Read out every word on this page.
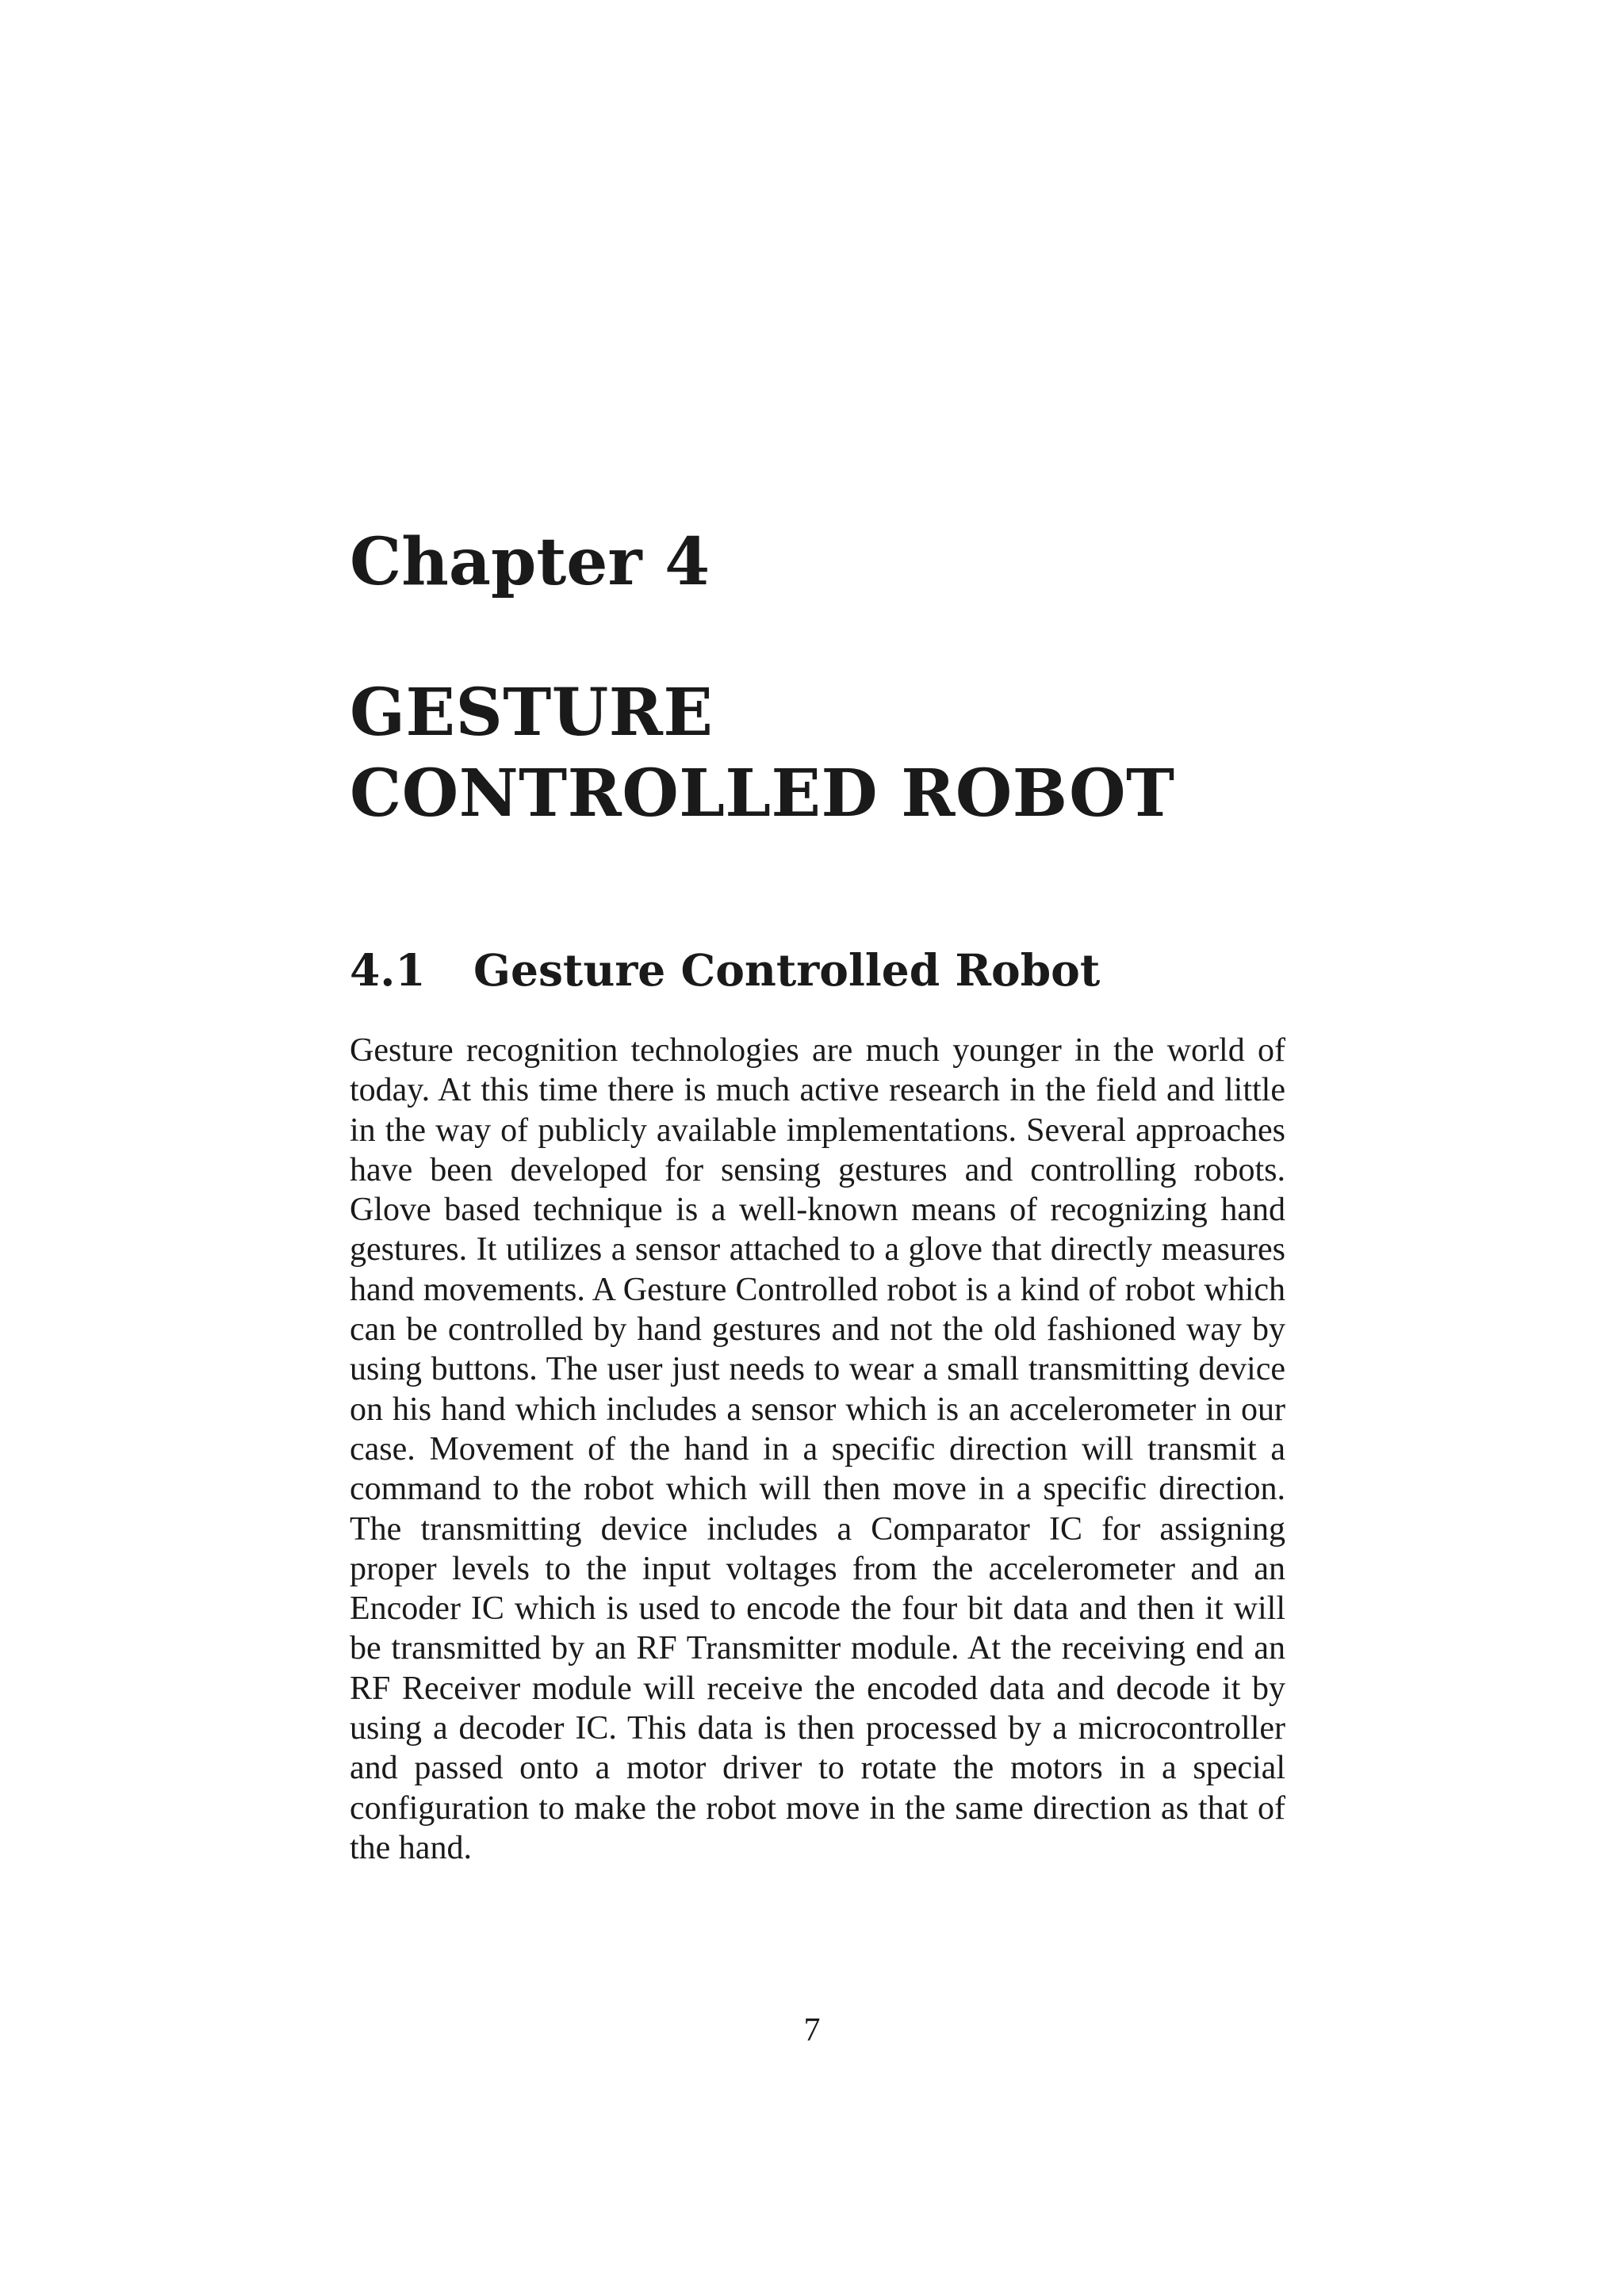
Chapter 4
GESTURE
CONTROLLED ROBOT
4.1	Gesture Controlled Robot

Gesture recognition technologies are much younger in the world of today. At this time there is much active research in the field and little in the way of publicly available implementations. Several approaches have been developed for sensing gestures and controlling robots. Glove based technique is a well-known means of recognizing hand gestures. It utilizes a sensor attached to a glove that directly measures hand movements. A Gesture Controlled robot is a kind of robot which can be controlled by hand gestures and not the old fashioned way by using buttons. The user just needs to wear a small transmitting device on his hand which includes a sensor which is an accelerometer in our case. Movement of the hand in a specific direction will transmit a command to the robot which will then move in a specific direction. The transmitting device includes a Comparator IC for assigning proper levels to the input voltages from the accelerometer and an Encoder IC which is used to encode the four bit data and then it will be transmitted by an RF Transmitter module. At the receiving end an RF Receiver module will receive the encoded data and decode it by using a decoder IC. This data is then processed by a microcontroller and passed onto a motor driver to rotate the motors in a special configuration to make the robot move in the same direction as that of the hand.

7
